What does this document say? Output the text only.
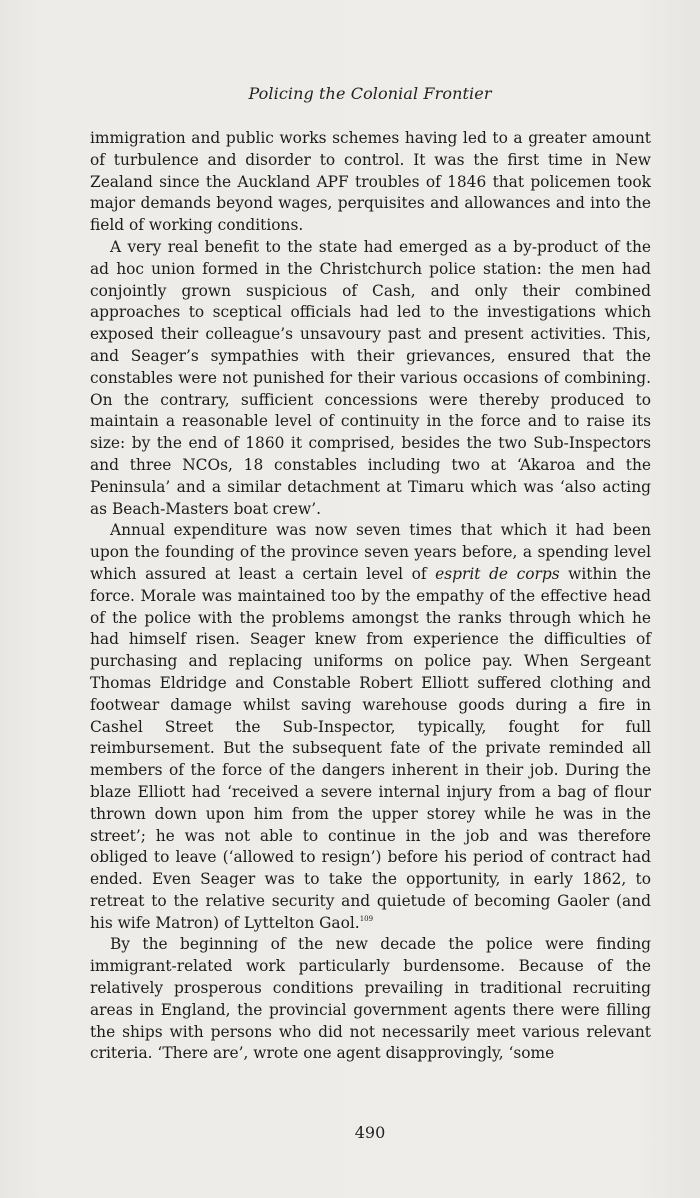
Policing the Colonial Frontier

immigration and public works schemes having led to a greater amount of turbulence and disorder to control. It was the first time in New Zealand since the Auckland APF troubles of 1846 that policemen took major demands beyond wages, perquisites and allowances and into the field of working conditions.

A very real benefit to the state had emerged as a by-product of the ad hoc union formed in the Christchurch police station: the men had conjointly grown suspicious of Cash, and only their combined approaches to sceptical officials had led to the investigations which exposed their colleague’s unsavoury past and present activities. This, and Seager’s sympathies with their grievances, ensured that the constables were not punished for their various occasions of combining. On the contrary, sufficient concessions were thereby produced to maintain a reasonable level of continuity in the force and to raise its size: by the end of 1860 it comprised, besides the two Sub-Inspectors and three NCOs, 18 constables including two at ‘Akaroa and the Peninsula’ and a similar detachment at Timaru which was ‘also acting as Beach-Masters boat crew’.

Annual expenditure was now seven times that which it had been upon the founding of the province seven years before, a spending level which assured at least a certain level of esprit de corps within the force. Morale was maintained too by the empathy of the effective head of the police with the problems amongst the ranks through which he had himself risen. Seager knew from experience the difficulties of purchasing and replacing uniforms on police pay. When Sergeant Thomas Eldridge and Constable Robert Elliott suffered clothing and footwear damage whilst saving warehouse goods during a fire in Cashel Street the Sub-Inspector, typically, fought for full reimbursement. But the subsequent fate of the private reminded all members of the force of the dangers inherent in their job. During the blaze Elliott had ‘received a severe internal injury from a bag of flour thrown down upon him from the upper storey while he was in the street’; he was not able to continue in the job and was therefore obliged to leave (‘allowed to resign’) before his period of contract had ended. Even Seager was to take the opportunity, in early 1862, to retreat to the relative security and quietude of becoming Gaoler (and his wife Matron) of Lyttelton Gaol.$^{109}$

By the beginning of the new decade the police were finding immigrant-related work particularly burdensome. Because of the relatively prosperous conditions prevailing in traditional recruiting areas in England, the provincial government agents there were filling the ships with persons who did not necessarily meet various relevant criteria. ‘There are’, wrote one agent disapprovingly, ‘some

490
